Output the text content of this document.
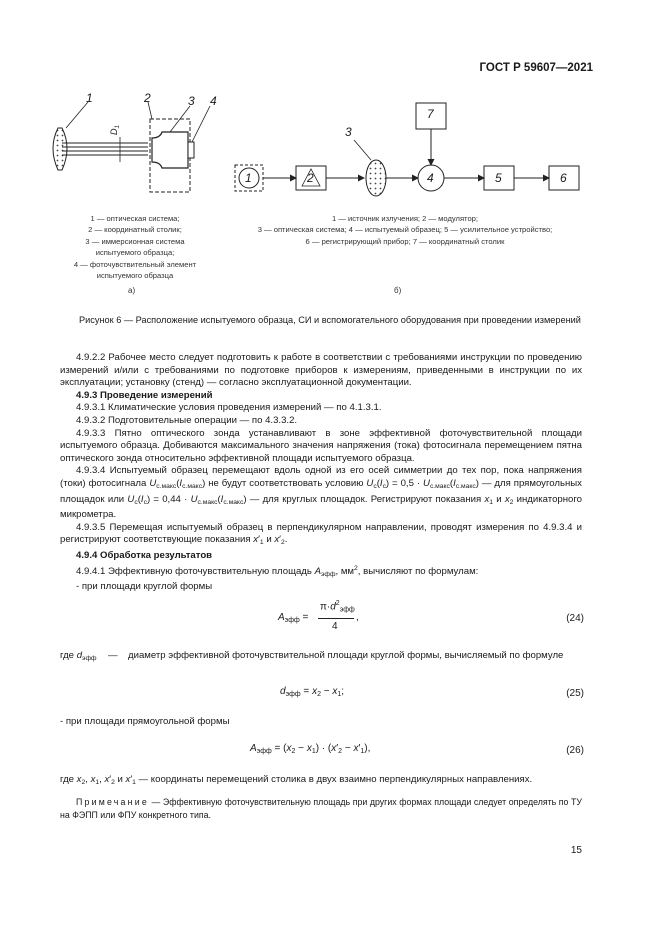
ГОСТ Р 59607—2021
1	2	3 4
$D_1$
1 — оптическая система;
2 — координатный столик;
3 — иммерсионная система
испытуемого образца;
4 — фоточувствительный элемент
испытуемого образца
а)
1	2
3
4	5	6
7
1 — источник излучения; 2 — модулятор;
3 — оптическая система; 4 — испытуемый образец; 5 — усилительное устройство;
6 — регистрирующий прибор; 7 — координатный столик
б)
Рисунок 6 — Расположение испытуемого образца, СИ и вспомогательного оборудования при проведении измерений

4.9.2.2 Рабочее место следует подготовить к работе в соответствии с требованиями инструкции по проведению измерений и/или с требованиями по подготовке приборов к измерениям, приведенными в инструкции по их эксплуатации; установку (стенд) — согласно эксплуатационной документации.

4.9.3 Проведение измерений

4.9.3.1 Климатические условия проведения измерений — по 4.1.3.1.

4.9.3.2 Подготовительные операции — по 4.3.3.2.

4.9.3.3 Пятно оптического зонда устанавливают в зоне эффективной фоточувствительной площади испытуемого образца. Добиваются максимального значения напряжения (тока) фотосигнала перемещением пятна оптического зонда относительно эффективной площади испытуемого образца.

4.9.3.4 Испытуемый образец перемещают вдоль одной из его осей симметрии до тех пор, пока напряжения (токи) фотосигнала $U_{с.макс}(I_{с.макс})$ не будут соответствовать условию $U_с(I_с) = 0,5 \cdot U_{с.макс}(I_{с.макс})$ — для прямоугольных площадок или $U_с(I_с) = 0,44 \cdot U_{с.макс}(I_{с.макс})$ — для круглых площадок. Регистрируют показания $x_1$ и $x_2$ индикаторного микрометра.

4.9.3.5 Перемещая испытуемый образец в перпендикулярном направлении, проводят измерения по 4.9.3.4 и регистрируют соответствующие показания $x'_1$ и $x'_2$.

4.9.4 Обработка результатов

4.9.4.1 Эффективную фоточувствительную площадь $A_{эфф}$, $мм^2$, вычисляют по формулам:

- при площади круглой формы

$A_{эфф}$ =
$\pi\cdot d^2_{эфф}$
4
,	(24)
где $d_{эфф}$	—	диаметр эффективной фоточувствительной площади круглой формы, вычисляемый по формуле
$d_{эфф} = x_2 - x_1$;	(25)
- при площади прямоугольной формы
$A_{эфф} = (x_2 - x_1) \cdot (x'_2 - x'_1)$,	(26)
где $x_2$, $x_1$, $x'_2$ и $x'_1$ — координаты перемещений столика в двух взаимно перпендикулярных направлениях.

Примечание — Эффективную фоточувствительную площадь при других формах площади следует определять по ТУ на ФЭПП или ФПУ конкретного типа.

15
